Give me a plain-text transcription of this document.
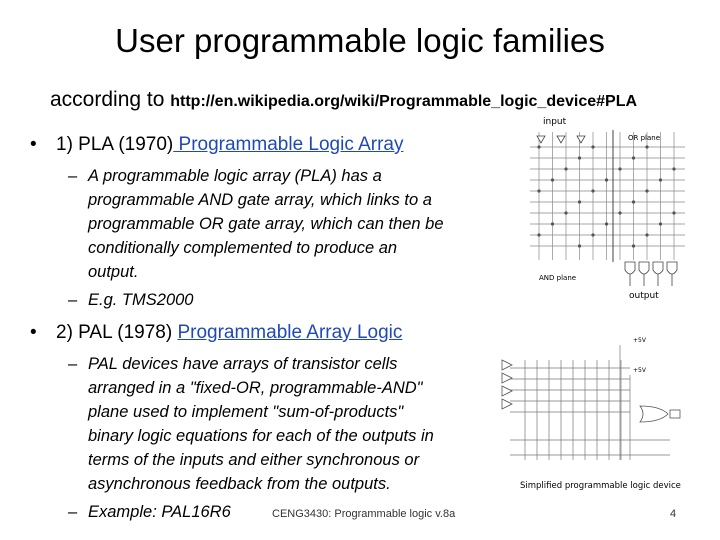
User programmable logic families
according to http://en.wikipedia.org/wiki/Programmable_logic_device#PLA
• 1) PLA (1970) Programmable Logic Array
– A programmable logic array (PLA) has a
programmable AND gate array, which links to a
programmable OR gate array, which can then be
conditionally complemented to produce an
output.
– E.g. TMS2000
• 2) PAL (1978) Programmable Array Logic
– PAL devices have arrays of transistor cells
arranged in a "fixed-OR, programmable-AND"
plane used to implement "sum-of-products"
binary logic equations for each of the outputs in
terms of the inputs and either synchronous or
asynchronous feedback from the outputs.
– Example: PAL16R6
input
OR plane
AND plane
output
+5V
+5V
Simplified programmable logic device
CENG3430: Programmable logic v.8a	4
